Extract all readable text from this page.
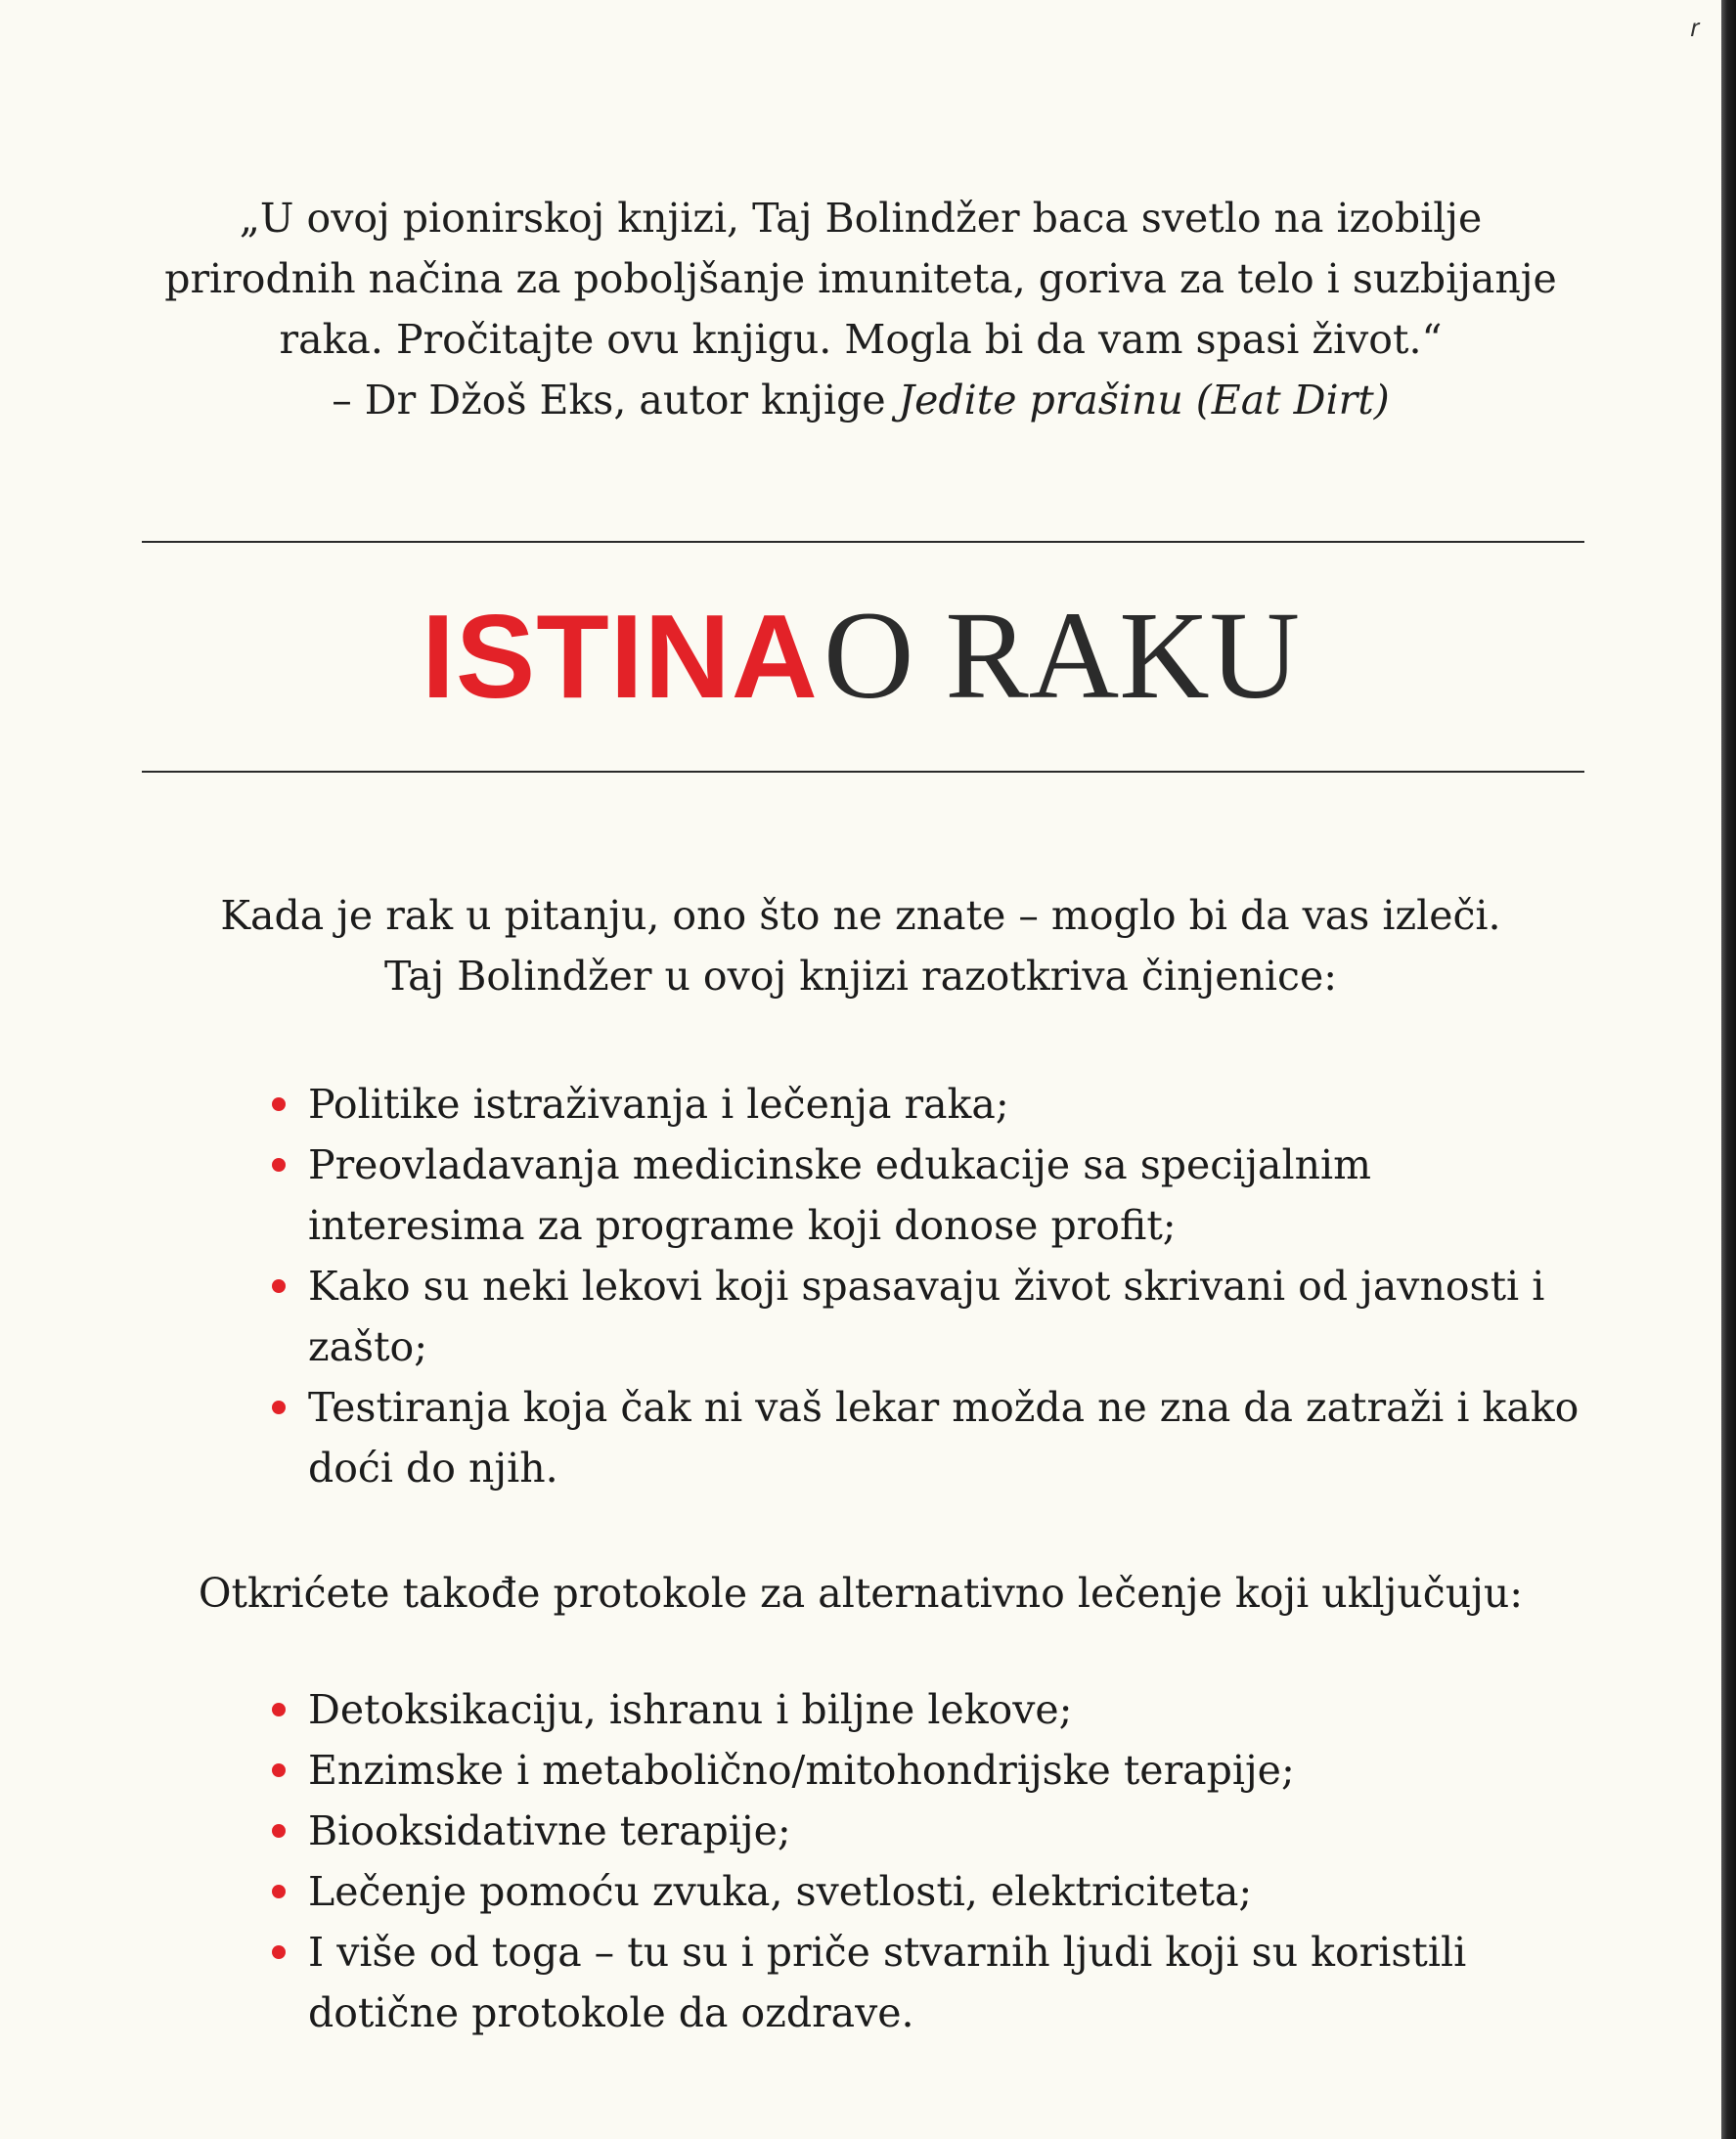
𝑟

„U ovoj pionirskoj knjizi, Taj Bolindžer baca svetlo na izobilje

prirodnih načina za poboljšanje imuniteta, goriva za telo i suzbijanje

raka. Pročitajte ovu knjigu. Mogla bi da vam spasi život.“

– Dr Džoš Eks, autor knjige Jedite prašinu (Eat Dirt)

ISTINA O RAKU

Kada je rak u pitanju, ono što ne znate – moglo bi da vas izleči.

Taj Bolindžer u ovoj knjizi razotkriva činjenice:

Politike istraživanja i lečenja raka;
Preovladavanja medicinske edukacije sa specijalnim interesima za programe koji donose profit;
Kako su neki lekovi koji spasavaju život skrivani od javnosti i zašto;
Testiranja koja čak ni vaš lekar možda ne zna da zatraži i kako doći do njih.
Otkrićete takođe protokole za alternativno lečenje koji uključuju:
Detoksikaciju, ishranu i biljne lekove;
Enzimske i metabolično/mitohondrijske terapije;
Biooksidativne terapije;
Lečenje pomoću zvuka, svetlosti, elektriciteta;
I više od toga – tu su i priče stvarnih ljudi koji su koristili dotične protokole da ozdrave.
